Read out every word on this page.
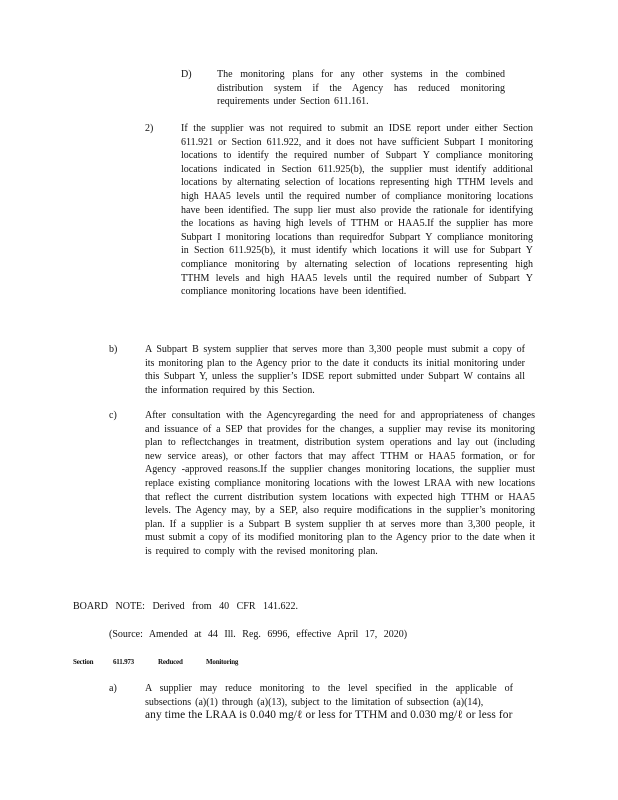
D)	The monitoring plans for any other systems in the combined distribution system if the Agency has reduced monitoring requirements under Section 611.161.
2)	If the supplier was not required to submit an IDSE report under either Section 611.921 or Section 611.922, and it does not have sufficient Subpart I monitoring locations to identify the required number of Subpart Y compliance monitoring locations indicated in Section 611.925(b), the supplier must identify additional locations by alternating selection of locations representing high TTHM levels and high HAA5 levels until the required number of compliance monitoring locations have been identified. The supp lier must also provide the rationale for identifying the locations as having high levels of TTHM or HAA5.If the supplier has more Subpart I monitoring locations than requiredfor Subpart Y compliance monitoring in Section 611.925(b), it must identify which locations it will use for Subpart Y compliance monitoring by alternating selection of locations representing high TTHM levels and high HAA5 levels until the required number of Subpart Y compliance monitoring locations have been identified.
b)	A Subpart B system supplier that serves more than 3,300 people must submit a copy of its monitoring plan to the Agency prior to the date it conducts its initial monitoring under this Subpart Y, unless the supplier’s IDSE report submitted under Subpart W contains all the information required by this Section.
c)	After consultation with the Agencyregarding the need for and appropriateness of changes and issuance of a SEP that provides for the changes, a supplier may revise its monitoring plan to reflectchanges in treatment, distribution system operations and lay out (including new service areas), or other factors that may affect TTHM or HAA5 formation, or for Agency -approved reasons.If the supplier changes monitoring locations, the supplier must replace existing compliance monitoring locations with the lowest LRAA with new locations that reflect the current distribution system locations with expected high TTHM or HAA5 levels. The Agency may, by a SEP, also require modifications in the supplier’s monitoring plan. If a supplier is a Subpart B system supplier th at serves more than 3,300 people, it must submit a copy of its modified monitoring plan to the Agency prior to the date when it is required to comply with the revised monitoring plan.
BOARD NOTE: Derived from 40 CFR 141.622.
(Source: Amended at 44 Ill. Reg. 6996, effective April 17, 2020)
Section	611.973	Reduced	Monitoring
a)	A supplier may reduce monitoring to the level specified in the applicable of subsections (a)(1) through (a)(13), subject to the limitation of subsection (a)(14),
any time the LRAA is 0.040 mg/ℓ or less for TTHM and 0.030 mg/ℓ or less for
